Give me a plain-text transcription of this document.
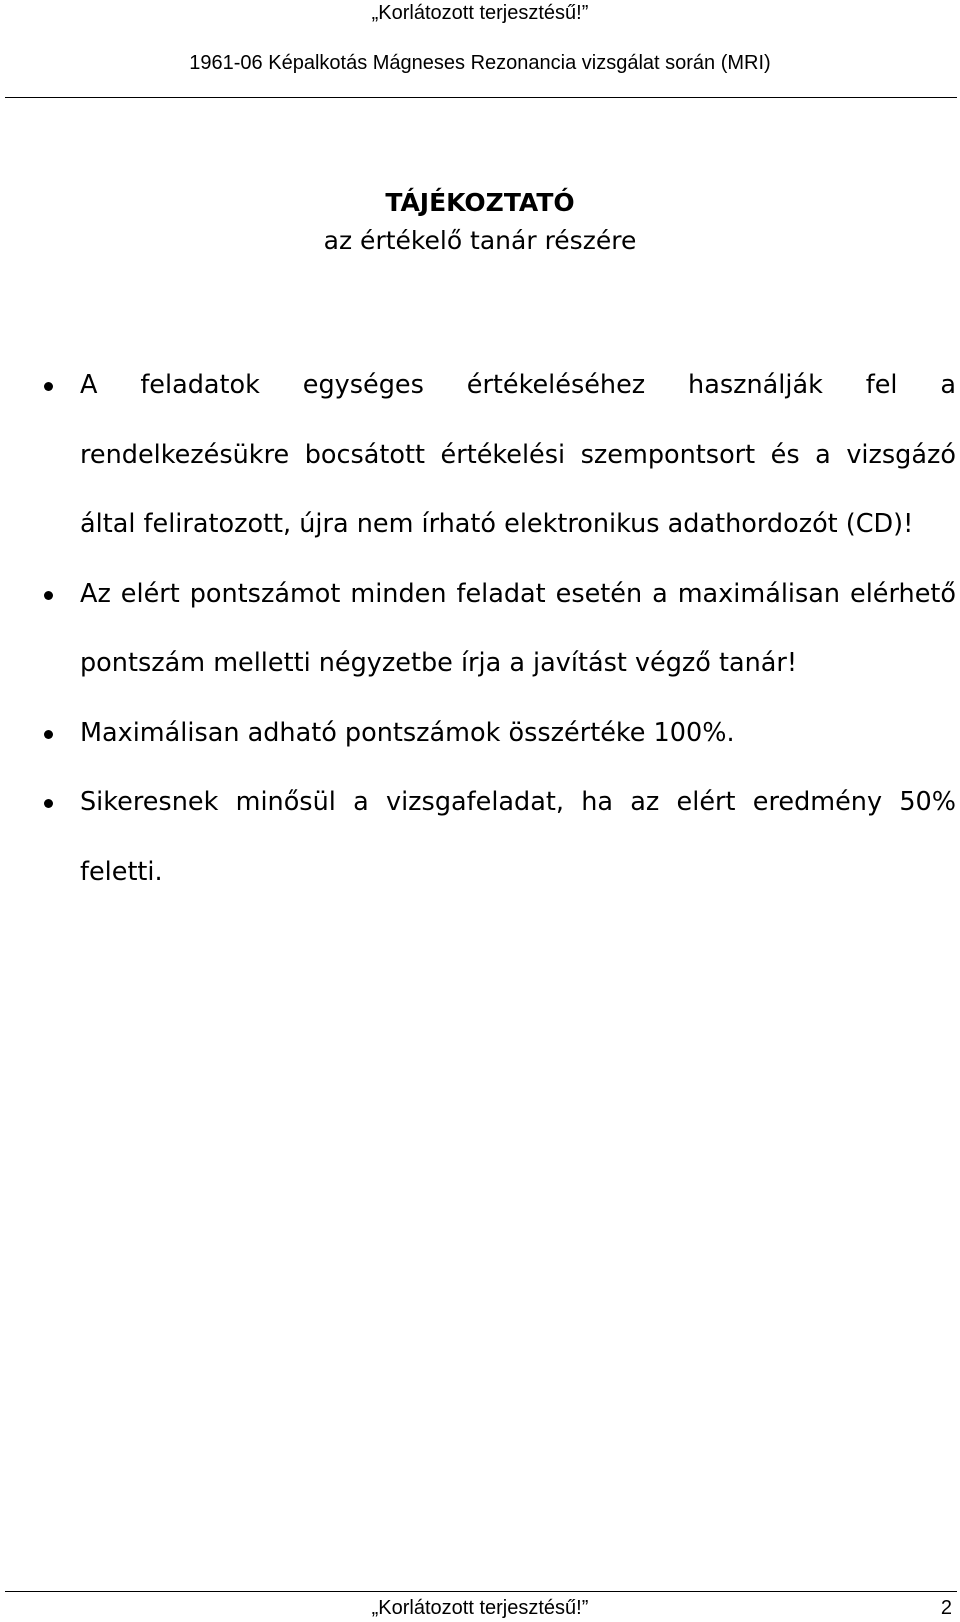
„Korlátozott terjesztésű!”
1961-06 Képalkotás Mágneses Rezonancia vizsgálat során (MRI)
TÁJÉKOZTATÓ
az értékelő tanár részére
A feladatok egységes értékeléséhez használják fel a rendelkezésükre bocsátott értékelési szempontsort és a vizsgázó által feliratozott, újra nem írható elektronikus adathordozót (CD)!
Az elért pontszámot minden feladat esetén a maximálisan elérhető pontszám melletti négyzetbe írja a javítást végző tanár!
Maximálisan adható pontszámok összértéke 100%.
Sikeresnek minősül a vizsgafeladat, ha az elért eredmény 50% feletti.
„Korlátozott terjesztésű!”	2
